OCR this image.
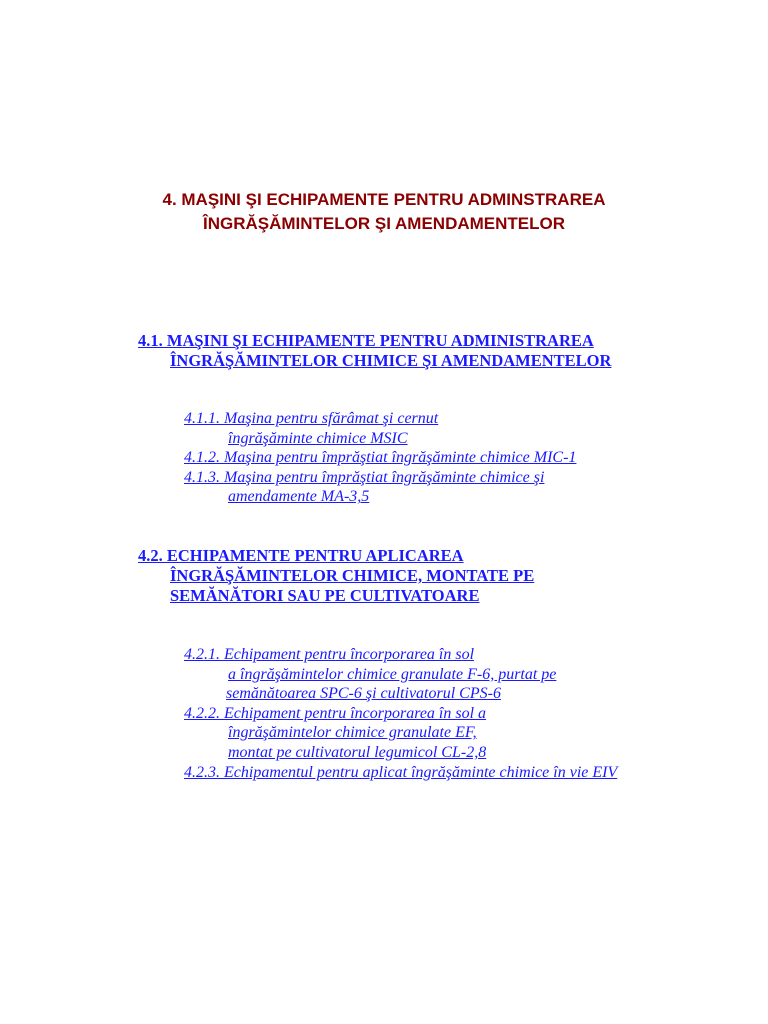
4. MAŞINI ŞI ECHIPAMENTE PENTRU ADMINSTRAREA
ÎNGRĂŞĂMINTELOR ŞI AMENDAMENTELOR
4.1. MAŞINI ŞI ECHIPAMENTE PENTRU ADMINISTRAREA
ÎNGRĂŞĂMINTELOR CHIMICE ŞI AMENDAMENTELOR
4.1.1. Maşina pentru sfărâmat şi cernut
îngrăşăminte chimice MSIC
4.1.2. Maşina pentru împrăştiat îngrăşăminte chimice MIC-1
4.1.3. Maşina pentru împrăştiat îngrăşăminte chimice şi
amendamente MA-3,5
4.2. ECHIPAMENTE PENTRU APLICAREA
ÎNGRĂŞĂMINTELOR CHIMICE, MONTATE PE
SEMĂNĂTORI SAU PE CULTIVATOARE
4.2.1. Echipament pentru încorporarea în sol
a îngrăşămintelor chimice granulate F-6, purtat pe
semănătoarea SPC-6 şi cultivatorul CPS-6
4.2.2. Echipament pentru încorporarea în sol a
îngrăşămintelor chimice granulate EF,
montat pe cultivatorul legumicol CL-2,8
4.2.3. Echipamentul pentru aplicat îngrăşăminte chimice în vie EIV
